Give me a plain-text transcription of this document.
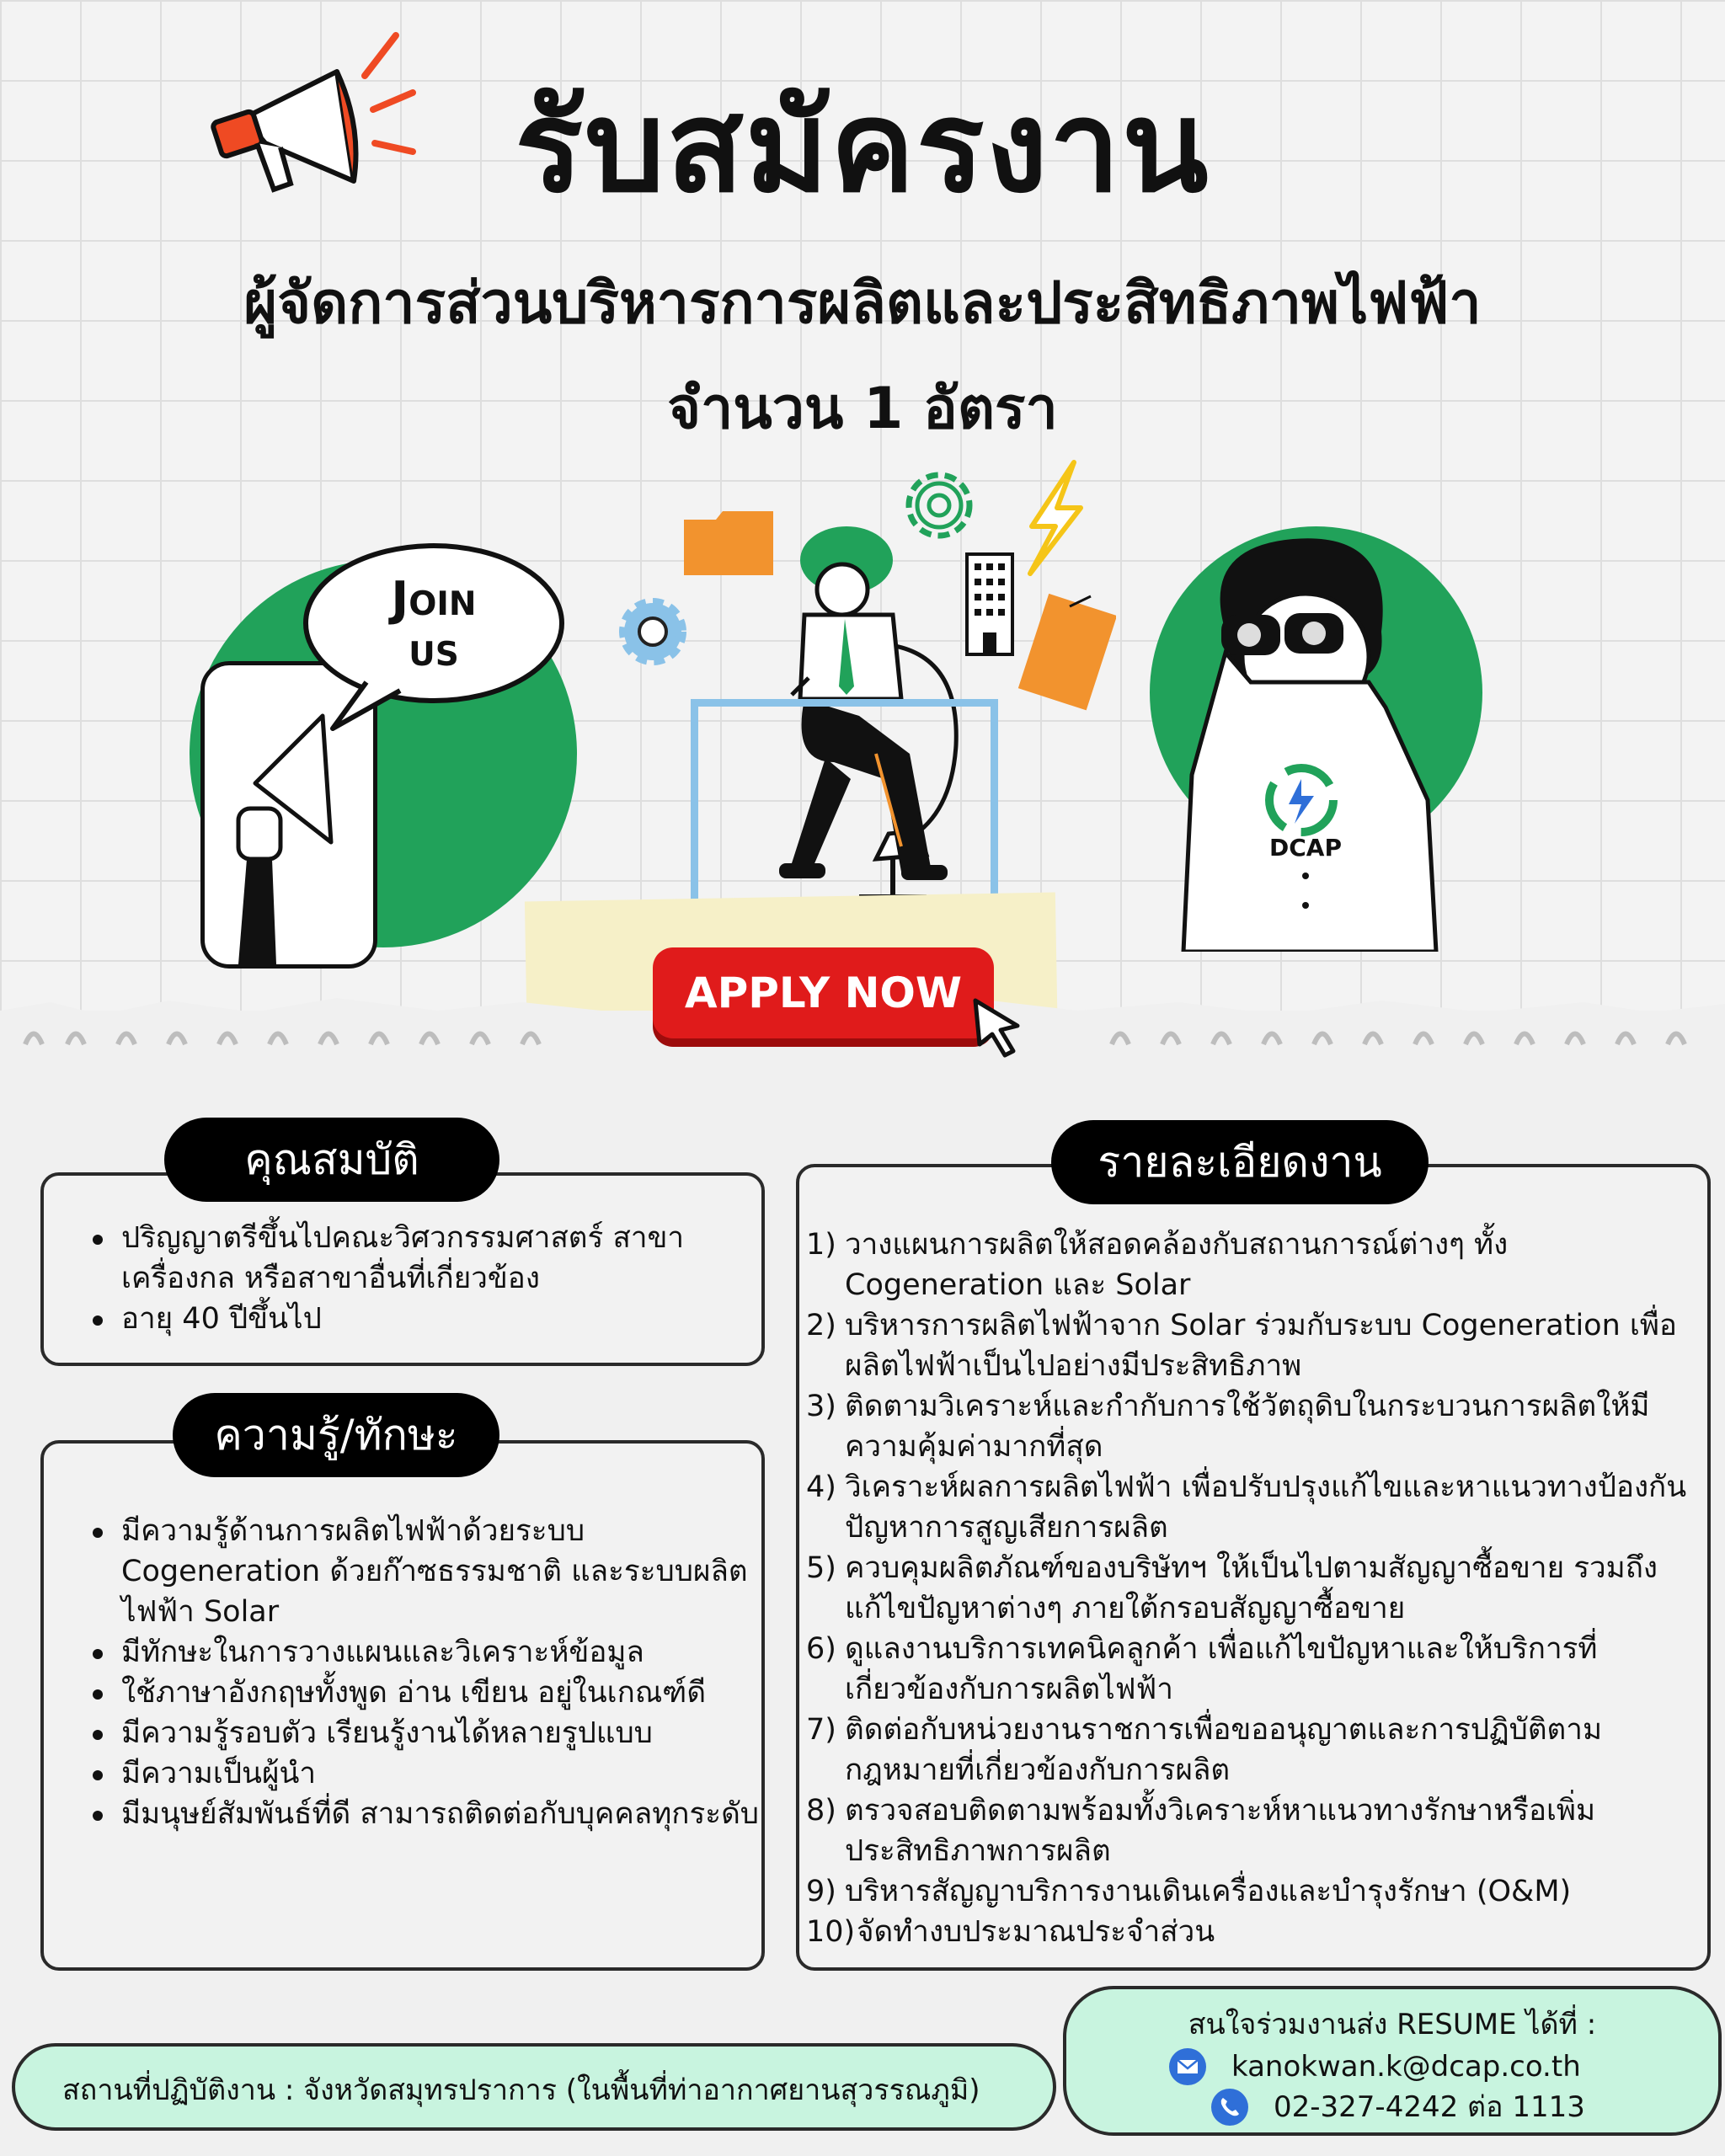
รับสมัครงาน
ผู้จัดการส่วนบริหารการผลิตและประสิทธิภาพไฟฟ้า
จำนวน 1 อัตรา
Join
us
DCAP
APPLY NOW
ปริญญาตรีขึ้นไปคณะวิศวกรรมศาสตร์ สาขาเครื่องกล หรือสาขาอื่นที่เกี่ยวข้อง
อายุ 40 ปีขึ้นไป
คุณสมบัติ
มีความรู้ด้านการผลิตไฟฟ้าด้วยระบบ Cogeneration ด้วยก๊าซธรรมชาติ และระบบผลิตไฟฟ้า Solar
มีทักษะในการวางแผนและวิเคราะห์ข้อมูล
ใช้ภาษาอังกฤษทั้งพูด อ่าน เขียน อยู่ในเกณฑ์ดี
มีความรู้รอบตัว เรียนรู้งานได้หลายรูปแบบ
มีความเป็นผู้นำ
มีมนุษย์สัมพันธ์ที่ดี สามารถติดต่อกับบุคคลทุกระดับ
ความรู้/ทักษะ
1) วางแผนการผลิตให้สอดคล้องกับสถานการณ์ต่างๆ ทั้ง Cogeneration และ Solar
2) บริหารการผลิตไฟฟ้าจาก Solar ร่วมกับระบบ Cogeneration เพื่อผลิตไฟฟ้าเป็นไปอย่างมีประสิทธิภาพ
3) ติดตามวิเคราะห์และกำกับการใช้วัตถุดิบในกระบวนการผลิตให้มีความคุ้มค่ามากที่สุด
4) วิเคราะห์ผลการผลิตไฟฟ้า เพื่อปรับปรุงแก้ไขและหาแนวทางป้องกันปัญหาการสูญเสียการผลิต
5) ควบคุมผลิตภัณฑ์ของบริษัทฯ ให้เป็นไปตามสัญญาซื้อขาย รวมถึงแก้ไขปัญหาต่างๆ ภายใต้กรอบสัญญาซื้อขาย
6) ดูแลงานบริการเทคนิคลูกค้า เพื่อแก้ไขปัญหาและให้บริการที่เกี่ยวข้องกับการผลิตไฟฟ้า
7) ติดต่อกับหน่วยงานราชการเพื่อขออนุญาตและการปฏิบัติตามกฎหมายที่เกี่ยวข้องกับการผลิต
8) ตรวจสอบติดตามพร้อมทั้งวิเคราะห์หาแนวทางรักษาหรือเพิ่มประสิทธิภาพการผลิต
9) บริหารสัญญาบริการงานเดินเครื่องและบำรุงรักษา (O&M)
10) จัดทำงบประมาณประจำส่วน
รายละเอียดงาน
สถานที่ปฏิบัติงาน : จังหวัดสมุทรปราการ (ในพื้นที่ท่าอากาศยานสุวรรณภูมิ)
สนใจร่วมงานส่ง RESUME ได้ที่ :
kanokwan.k@dcap.co.th
02-327-4242 ต่อ 1113
